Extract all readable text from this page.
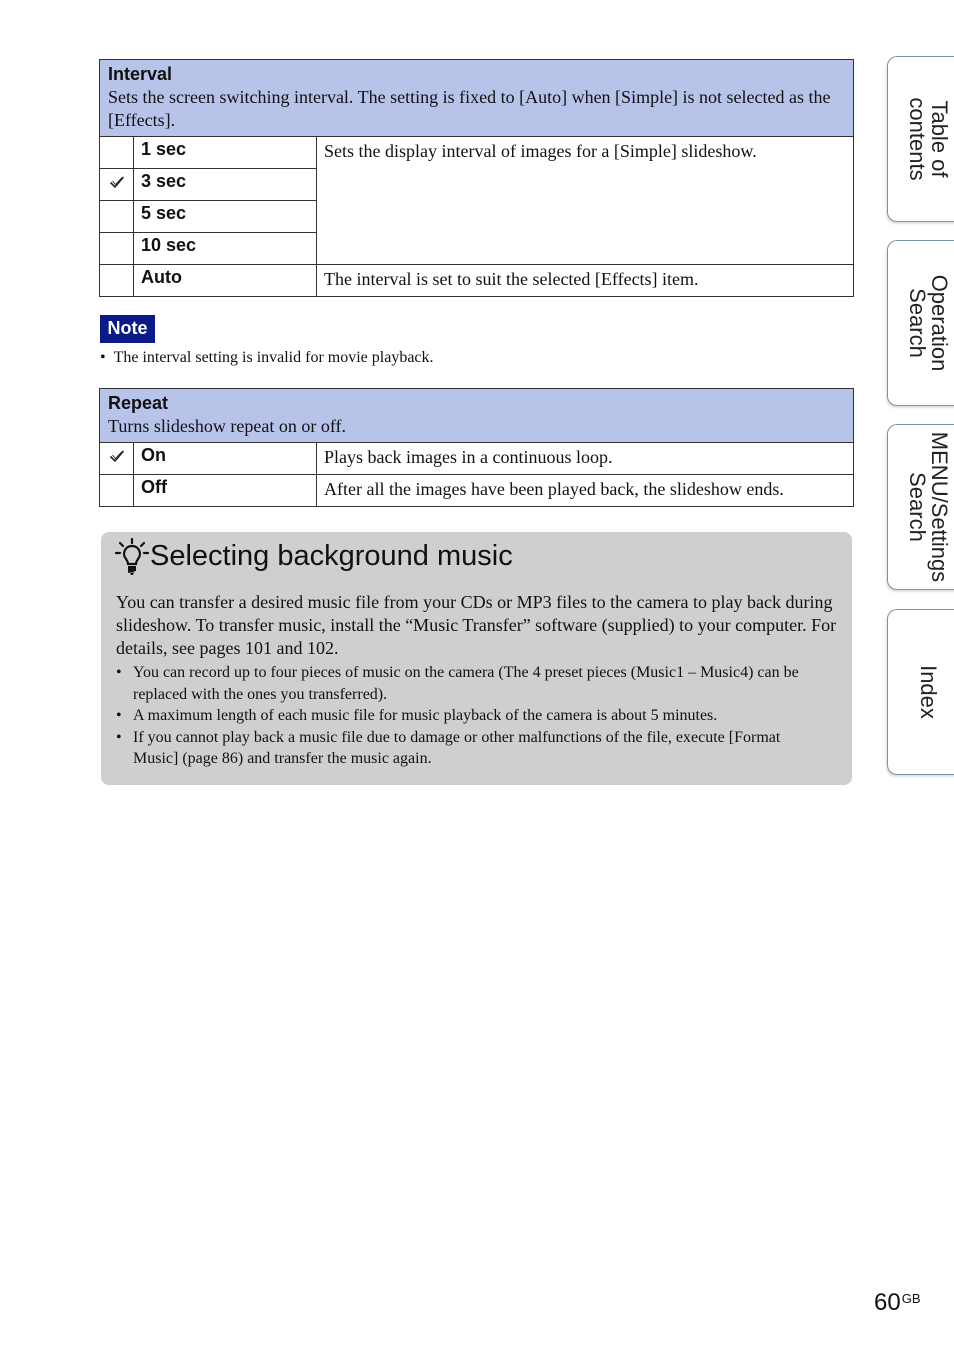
Interval
Sets the screen switching interval. The setting is fixed to [Auto] when [Simple] is not selected as the [Effects].		

	1 sec	Sets the display interval of images for a [Simple] slideshow.
	3 sec	
	5 sec	
	10 sec	
	Auto	The interval is set to suit the selected [Effects] item.
Note
•  The interval setting is invalid for movie playback.
Repeat
Turns slideshow repeat on or off.		

	On	Plays back images in a continuous loop.
	Off	After all the images have been played back, the slideshow ends.
Selecting background music
You can transfer a desired music file from your CDs or MP3 files to the camera to play back during slideshow. To transfer music, install the “Music Transfer” software (supplied) to your computer. For details, see pages 101 and 102.
• You can record up to four pieces of music on the camera (The 4 preset pieces (Music1 – Music4) can be replaced with the ones you transferred).
• A maximum length of each music file for music playback of the camera is about 5 minutes.
• If you cannot play back a music file due to damage or other malfunctions of the file, execute [Format Music] (page 86) and transfer the music again.
Table of
contents
Operation
Search
MENU/Settings
Search
Index
$60^{GB}$
